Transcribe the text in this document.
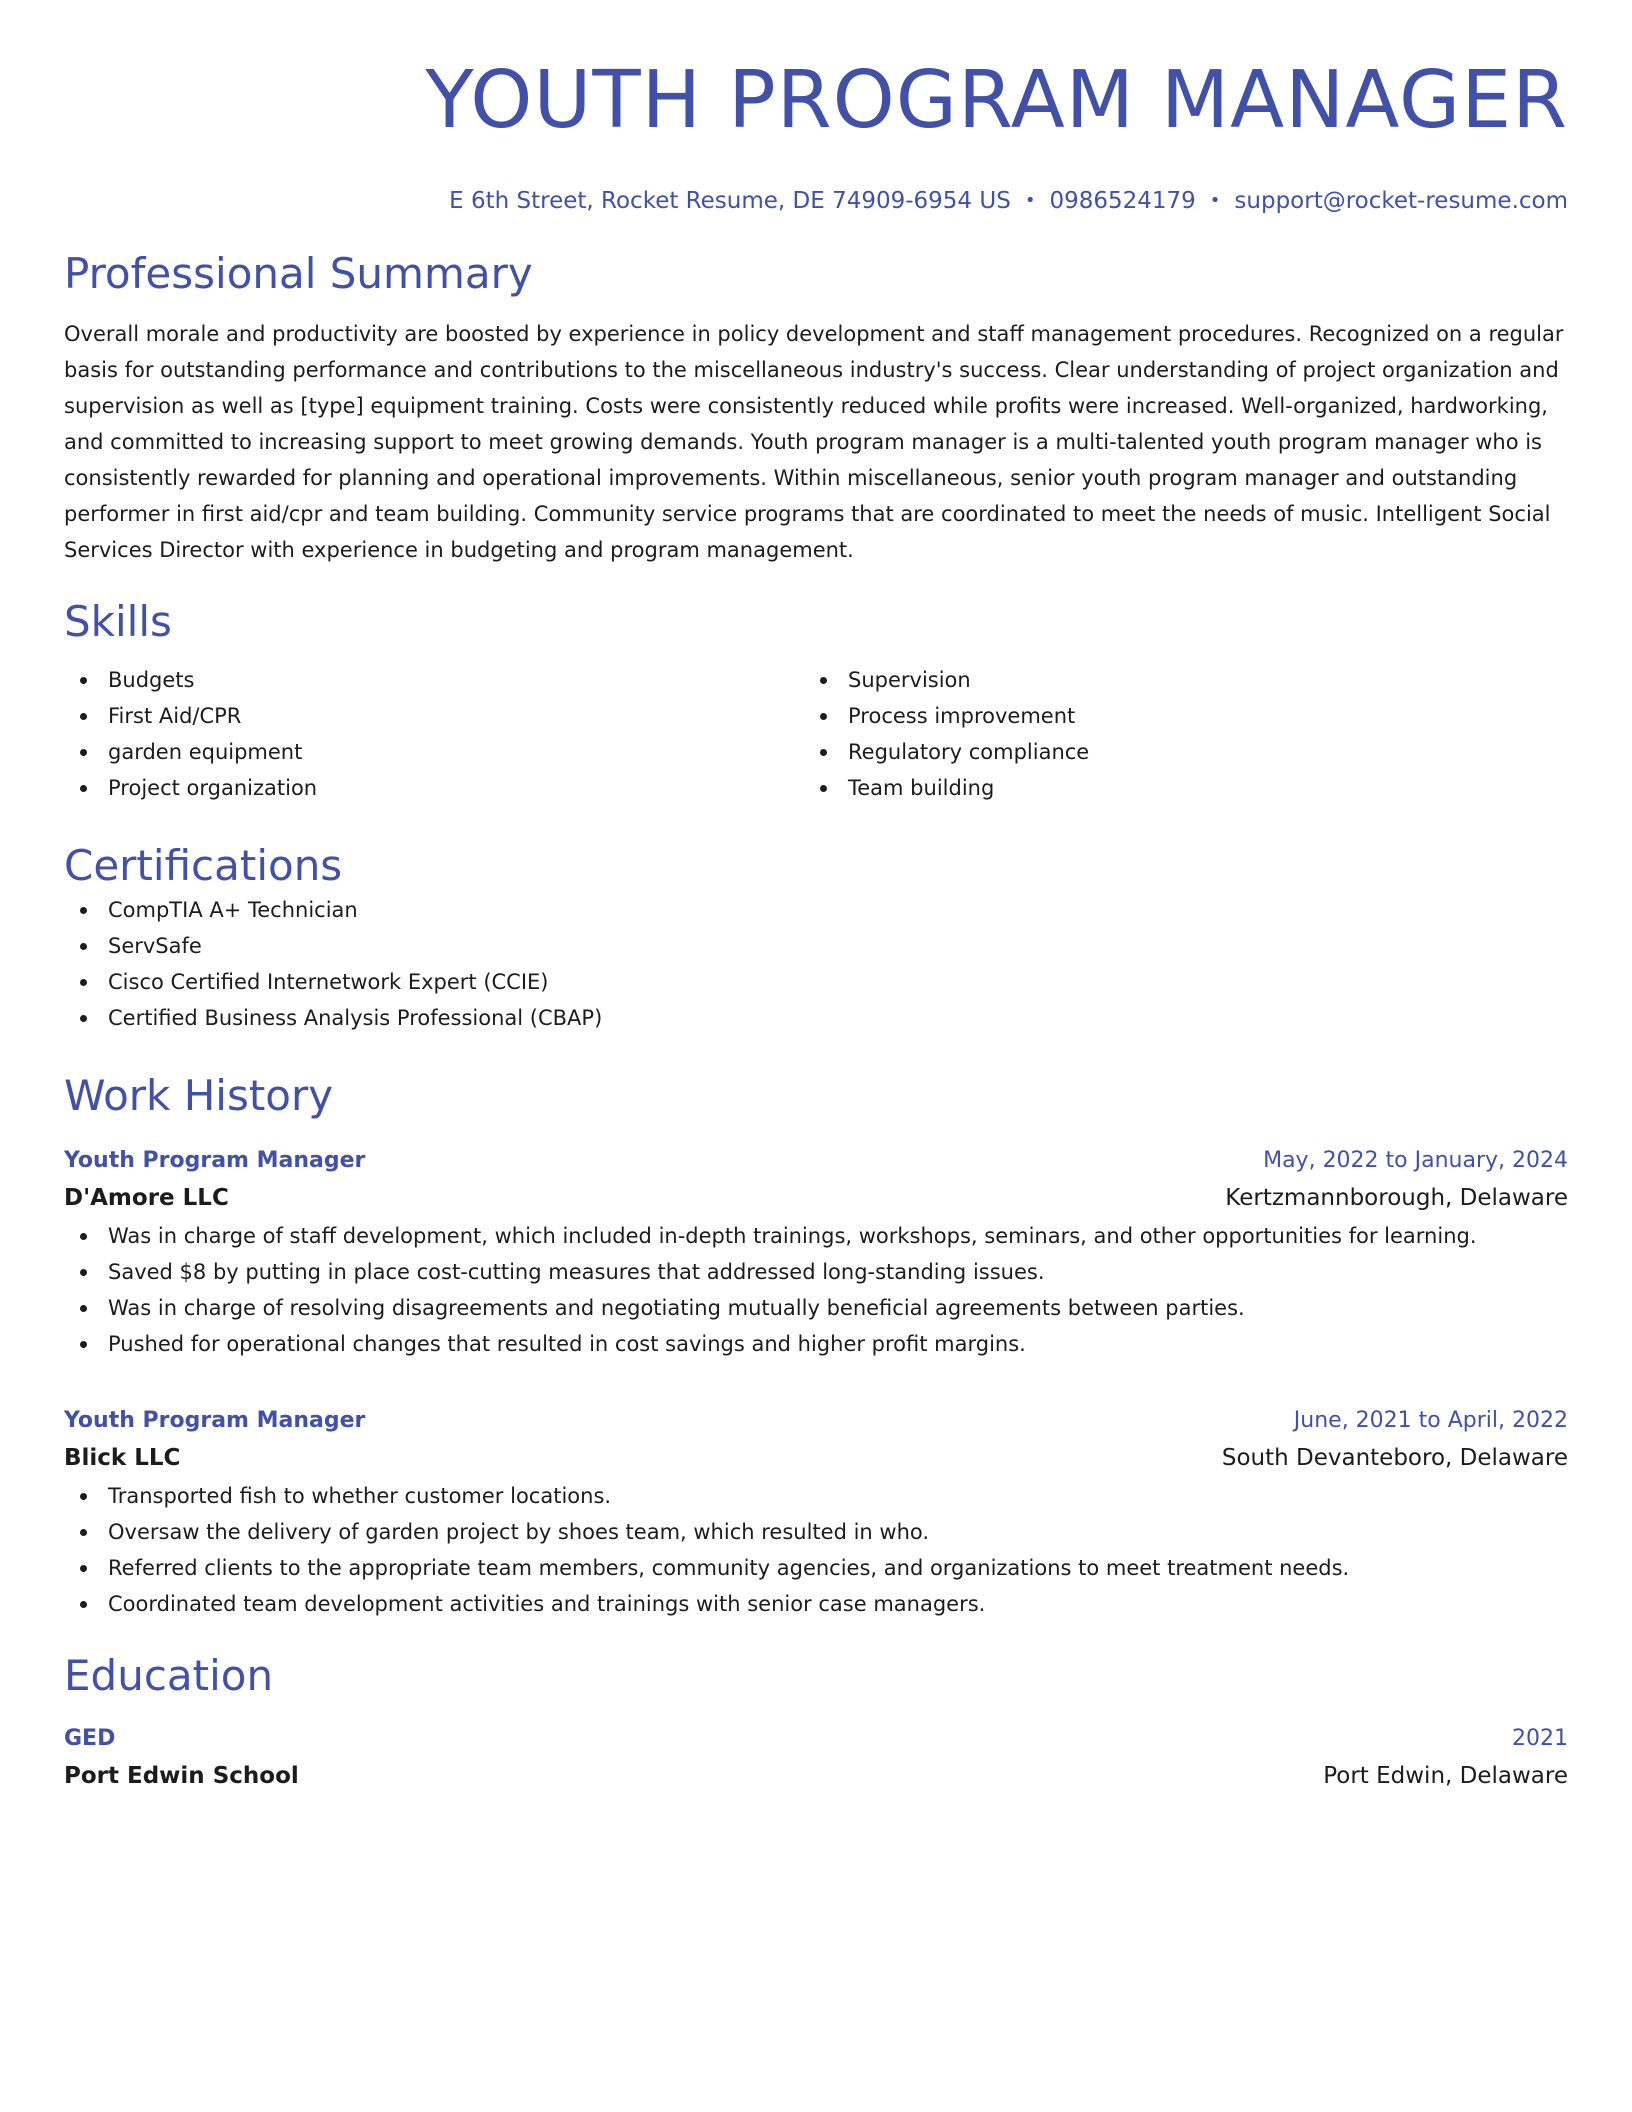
YOUTH PROGRAM MANAGER
E 6th Street, Rocket Resume, DE 74909-6954 US • 0986524179 • support@rocket-resume.com
Professional Summary

Overall morale and productivity are boosted by experience in policy development and staff management procedures. Recognized on a regular basis for outstanding performance and contributions to the miscellaneous industry's success. Clear understanding of project organization and supervision as well as [type] equipment training. Costs were consistently reduced while profits were increased. Well-organized, hardworking, and committed to increasing support to meet growing demands. Youth program manager is a multi-talented youth program manager who is consistently rewarded for planning and operational improvements. Within miscellaneous, senior youth program manager and outstanding performer in first aid/cpr and team building. Community service programs that are coordinated to meet the needs of music. Intelligent Social Services Director with experience in budgeting and program management.

Skills
Budgets
First Aid/CPR
garden equipment
Project organization
Supervision
Process improvement
Regulatory compliance
Team building
Certifications
CompTIA A+ Technician
ServSafe
Cisco Certified Internetwork Expert (CCIE)
Certified Business Analysis Professional (CBAP)
Work History
Youth Program Manager	May, 2022 to January, 2024
D'Amore LLC	Kertzmannborough, Delaware
Was in charge of staff development, which included in-depth trainings, workshops, seminars, and other opportunities for learning.
Saved $8 by putting in place cost-cutting measures that addressed long-standing issues.
Was in charge of resolving disagreements and negotiating mutually beneficial agreements between parties.
Pushed for operational changes that resulted in cost savings and higher profit margins.
Youth Program Manager	June, 2021 to April, 2022
Blick LLC	South Devanteboro, Delaware
Transported fish to whether customer locations.
Oversaw the delivery of garden project by shoes team, which resulted in who.
Referred clients to the appropriate team members, community agencies, and organizations to meet treatment needs.
Coordinated team development activities and trainings with senior case managers.
Education
GED	2021
Port Edwin School	Port Edwin, Delaware
